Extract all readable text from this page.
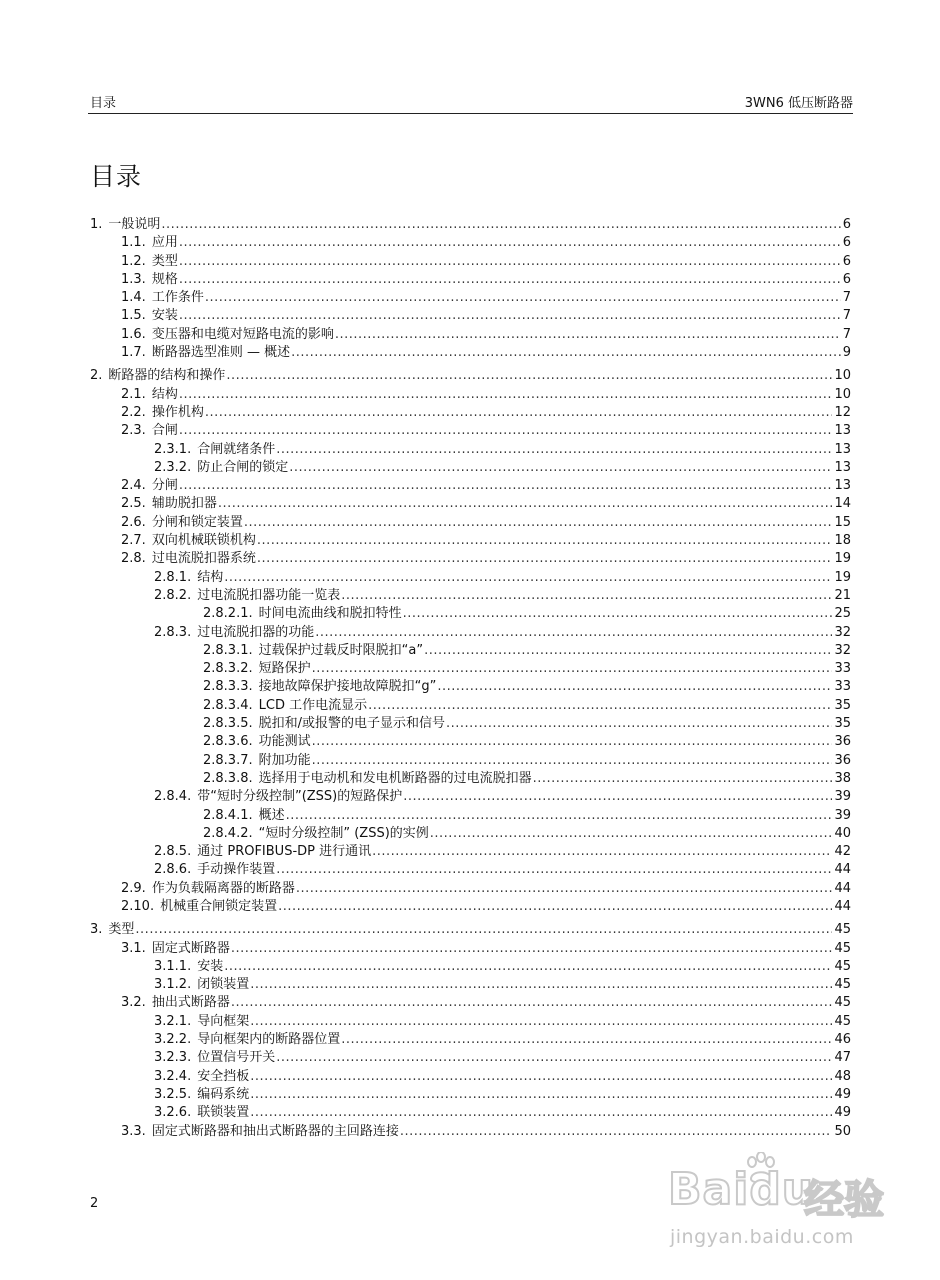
目录	3WN6 低压断路器
目录
1. 一般说明 .....	6
1.1. 应用 .....	6
1.2. 类型 .....	6
1.3. 规格 .....	6
1.4. 工作条件 .....	7
1.5. 安装 .....	7
1.6. 变压器和电缆对短路电流的影响 .....	7
1.7. 断路器选型准则 — 概述 .....	9
2. 断路器的结构和操作 .....	10
2.1. 结构 .....	10
2.2. 操作机构 .....	12
2.3. 合闸 .....	13
2.3.1. 合闸就绪条件 .....	13
2.3.2. 防止合闸的锁定 .....	13
2.4. 分闸 .....	13
2.5. 辅助脱扣器 .....	14
2.6. 分闸和锁定装置 .....	15
2.7. 双向机械联锁机构 .....	18
2.8. 过电流脱扣器系统 .....	19
2.8.1. 结构 .....	19
2.8.2. 过电流脱扣器功能一览表 .....	21
2.8.2.1. 时间电流曲线和脱扣特性 .....	25
2.8.3. 过电流脱扣器的功能 .....	32
2.8.3.1. 过载保护过载反时限脱扣“a” .....	32
2.8.3.2. 短路保护 .....	33
2.8.3.3. 接地故障保护接地故障脱扣“g” .....	33
2.8.3.4. LCD 工作电流显示 .....	35
2.8.3.5. 脱扣和/或报警的电子显示和信号 .....	35
2.8.3.6. 功能测试 .....	36
2.8.3.7. 附加功能 .....	36
2.8.3.8. 选择用于电动机和发电机断路器的过电流脱扣器 .....	38
2.8.4. 带“短时分级控制”(ZSS)的短路保护 .....	39
2.8.4.1. 概述 .....	39
2.8.4.2. “短时分级控制” (ZSS)的实例 .....	40
2.8.5. 通过 PROFIBUS-DP 进行通讯 .....	42
2.8.6. 手动操作装置 .....	44
2.9. 作为负载隔离器的断路器 .....	44
2.10. 机械重合闸锁定装置 .....	44
3. 类型 .....	45
3.1. 固定式断路器 .....	45
3.1.1. 安装 .....	45
3.1.2. 闭锁装置 .....	45
3.2. 抽出式断路器 .....	45
3.2.1. 导向框架 .....	45
3.2.2. 导向框架内的断路器位置 .....	46
3.2.3. 位置信号开关 .....	47
3.2.4. 安全挡板 .....	48
3.2.5. 编码系统 .....	49
3.2.6. 联锁装置 .....	49
3.3. 固定式断路器和抽出式断路器的主回路连接 .....	50
2	Baidu
经验
jingyan.baidu.com
